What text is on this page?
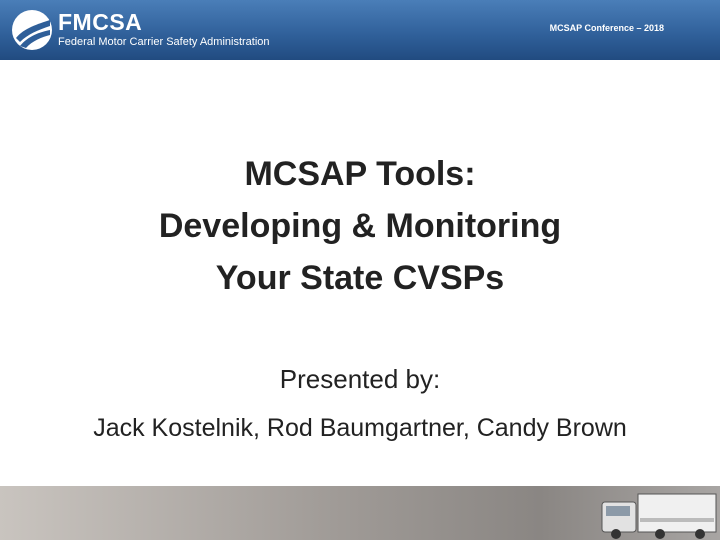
FMCSA
Federal Motor Carrier Safety Administration
MCSAP Conference – 2018
MCSAP Tools:
Developing & Monitoring
Your State CVSPs
Presented by:
Jack Kostelnik, Rod Baumgartner, Candy Brown
